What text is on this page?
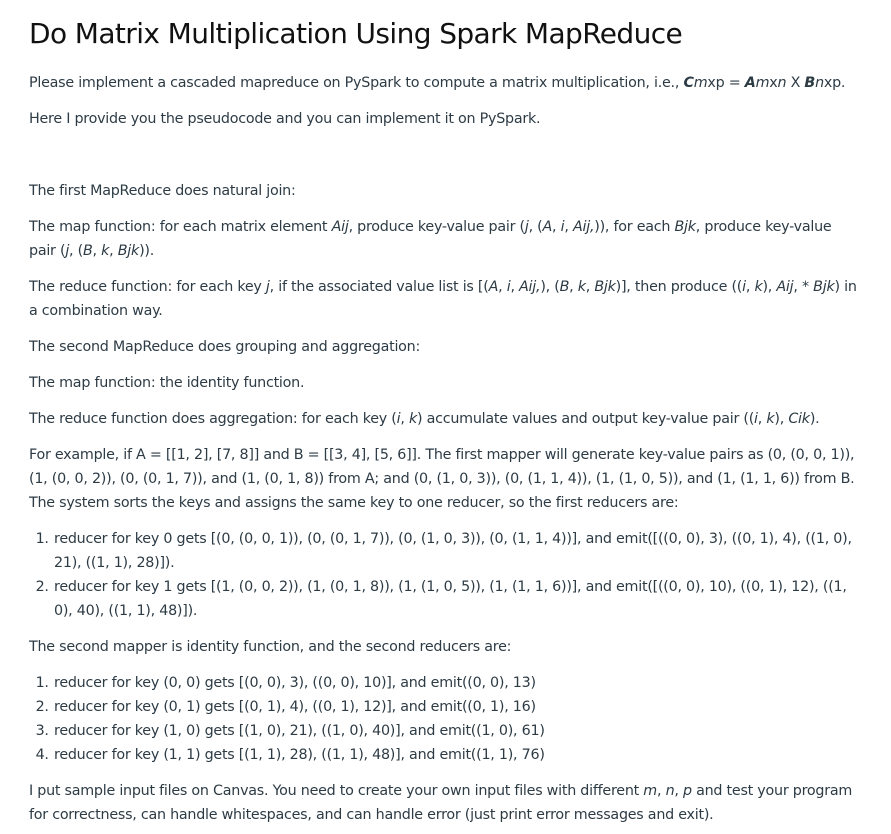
Do Matrix Multiplication Using Spark MapReduce

Please implement a cascaded mapreduce on PySpark to compute a matrix multiplication, i.e., Cmxp = Amxn X Bnxp.

Here I provide you the pseudocode and you can implement it on PySpark.

The first MapReduce does natural join:

The map function: for each matrix element Aij, produce key-value pair (j, (A, i, Aij,)), for each Bjk, produce key-value pair (j, (B, k, Bjk)).

The reduce function: for each key j, if the associated value list is [(A, i, Aij,), (B, k, Bjk)], then produce ((i, k), Aij, * Bjk) in a combination way.

The second MapReduce does grouping and aggregation:

The map function: the identity function.

The reduce function does aggregation: for each key (i, k) accumulate values and output key-value pair ((i, k), Cik).

For example, if A = [[1, 2], [7, 8]] and B = [[3, 4], [5, 6]]. The first mapper will generate key-value pairs as (0, (0, 0, 1)), (1, (0, 0, 2)), (0, (0, 1, 7)), and (1, (0, 1, 8)) from A; and (0, (1, 0, 3)), (0, (1, 1, 4)), (1, (1, 0, 5)), and (1, (1, 1, 6)) from B. The system sorts the keys and assigns the same key to one reducer, so the first reducers are:

1. reducer for key 0 gets [(0, (0, 0, 1)), (0, (0, 1, 7)), (0, (1, 0, 3)), (0, (1, 1, 4))], and emit([((0, 0), 3), ((0, 1), 4), ((1, 0), 21), ((1, 1), 28)]).
2. reducer for key 1 gets [(1, (0, 0, 2)), (1, (0, 1, 8)), (1, (1, 0, 5)), (1, (1, 1, 6))], and emit([((0, 0), 10), ((0, 1), 12), ((1, 0), 40), ((1, 1), 48)]).

The second mapper is identity function, and the second reducers are:

1. reducer for key (0, 0) gets [(0, 0), 3), ((0, 0), 10)], and emit((0, 0), 13)
2. reducer for key (0, 1) gets [(0, 1), 4), ((0, 1), 12)], and emit((0, 1), 16)
3. reducer for key (1, 0) gets [(1, 0), 21), ((1, 0), 40)], and emit((1, 0), 61)
4. reducer for key (1, 1) gets [(1, 1), 28), ((1, 1), 48)], and emit((1, 1), 76)

I put sample input files on Canvas. You need to create your own input files with different m, n, p and test your program for correctness, can handle whitespaces, and can handle error (just print error messages and exit).
